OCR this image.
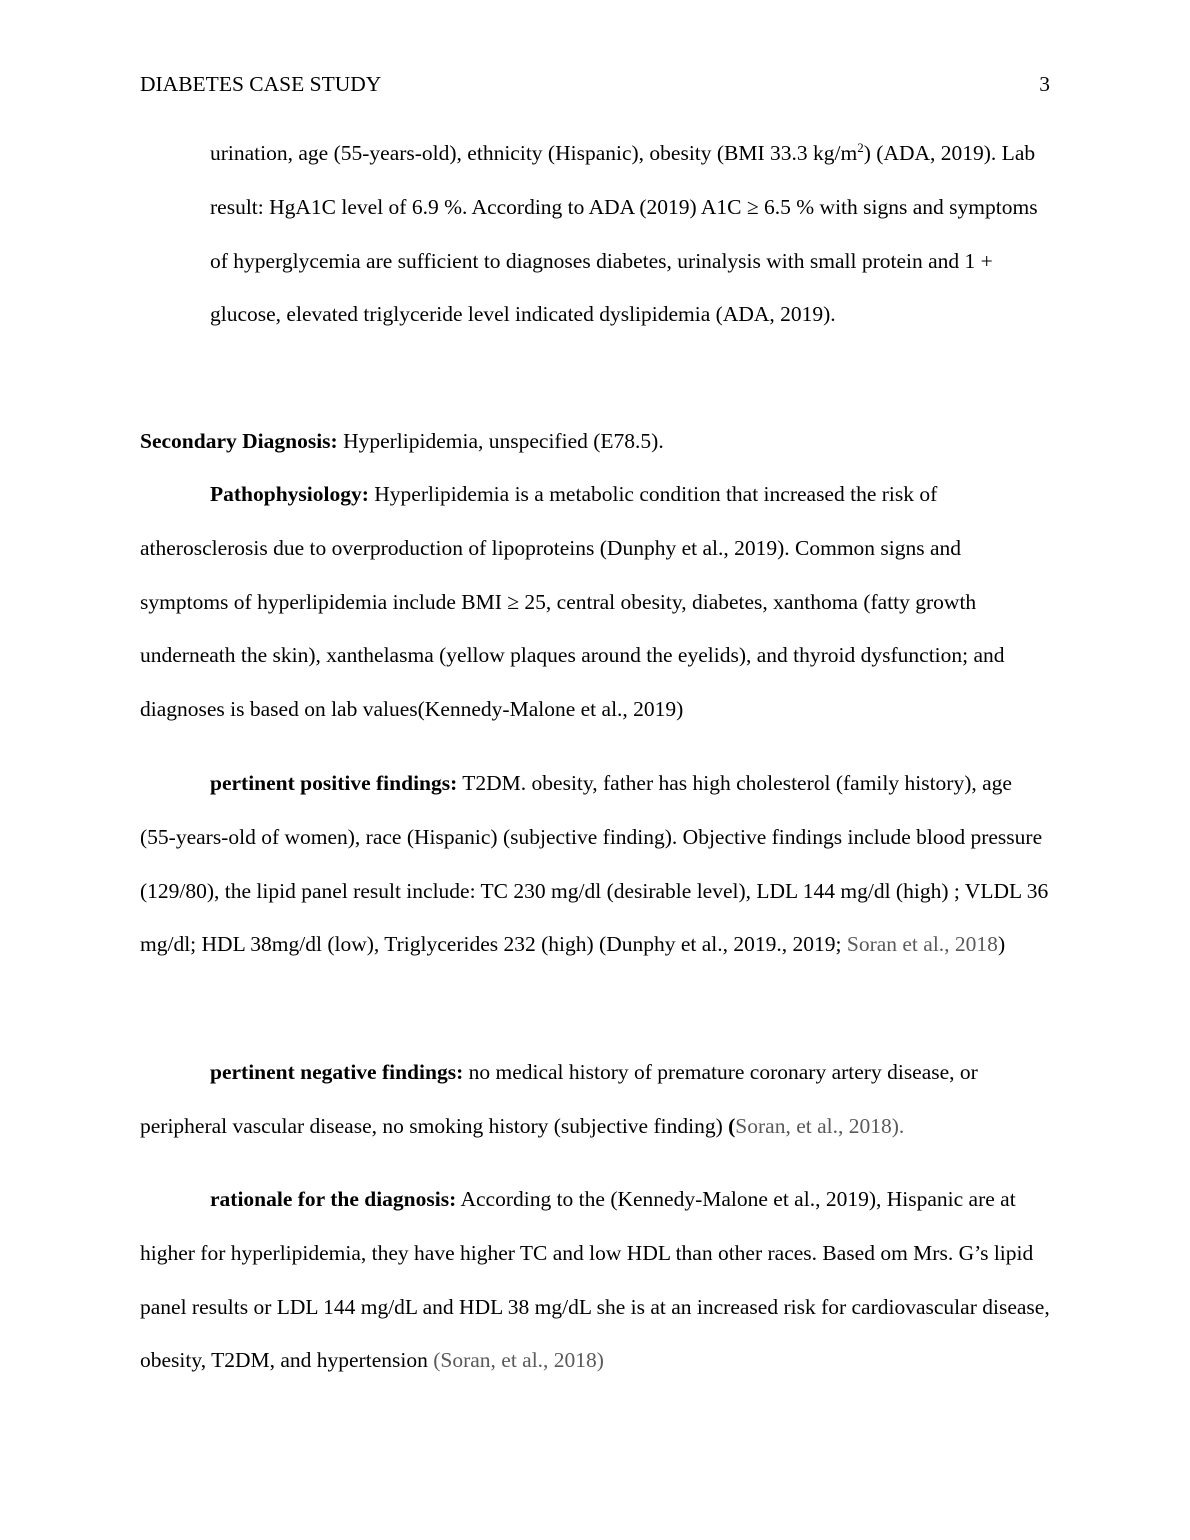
DIABETES CASE STUDY	3

urination, age (55-years-old), ethnicity (Hispanic), obesity (BMI 33.3 $kg/m^2$) (ADA, 2019). Lab result: HgA1C level of 6.9 %. According to ADA (2019) A1C ≥ 6.5 % with signs and symptoms of hyperglycemia are sufficient to diagnoses diabetes, urinalysis with small protein and 1 + glucose, elevated triglyceride level indicated dyslipidemia (ADA, 2019).

Secondary Diagnosis: Hyperlipidemia, unspecified (E78.5).

Pathophysiology: Hyperlipidemia is a metabolic condition that increased the risk of atherosclerosis due to overproduction of lipoproteins (Dunphy et al., 2019). Common signs and symptoms of hyperlipidemia include BMI ≥ 25, central obesity, diabetes, xanthoma (fatty growth underneath the skin), xanthelasma (yellow plaques around the eyelids), and thyroid dysfunction; and diagnoses is based on lab values(Kennedy-Malone et al., 2019)

pertinent positive findings: T2DM. obesity, father has high cholesterol (family history), age (55-years-old of women), race (Hispanic) (subjective finding). Objective findings include blood pressure (129/80), the lipid panel result include: TC 230 mg/dl (desirable level), LDL 144 mg/dl (high) ; VLDL 36 mg/dl; HDL 38mg/dl (low), Triglycerides 232 (high) (Dunphy et al., 2019., 2019; Soran et al., 2018)

pertinent negative findings: no medical history of premature coronary artery disease, or peripheral vascular disease, no smoking history (subjective finding) (Soran, et al., 2018).

rationale for the diagnosis: According to the (Kennedy-Malone et al., 2019), Hispanic are at higher for hyperlipidemia, they have higher TC and low HDL than other races. Based om Mrs. G’s lipid panel results or LDL 144 mg/dL and HDL 38 mg/dL she is at an increased risk for cardiovascular disease, obesity, T2DM, and hypertension (Soran, et al., 2018)
